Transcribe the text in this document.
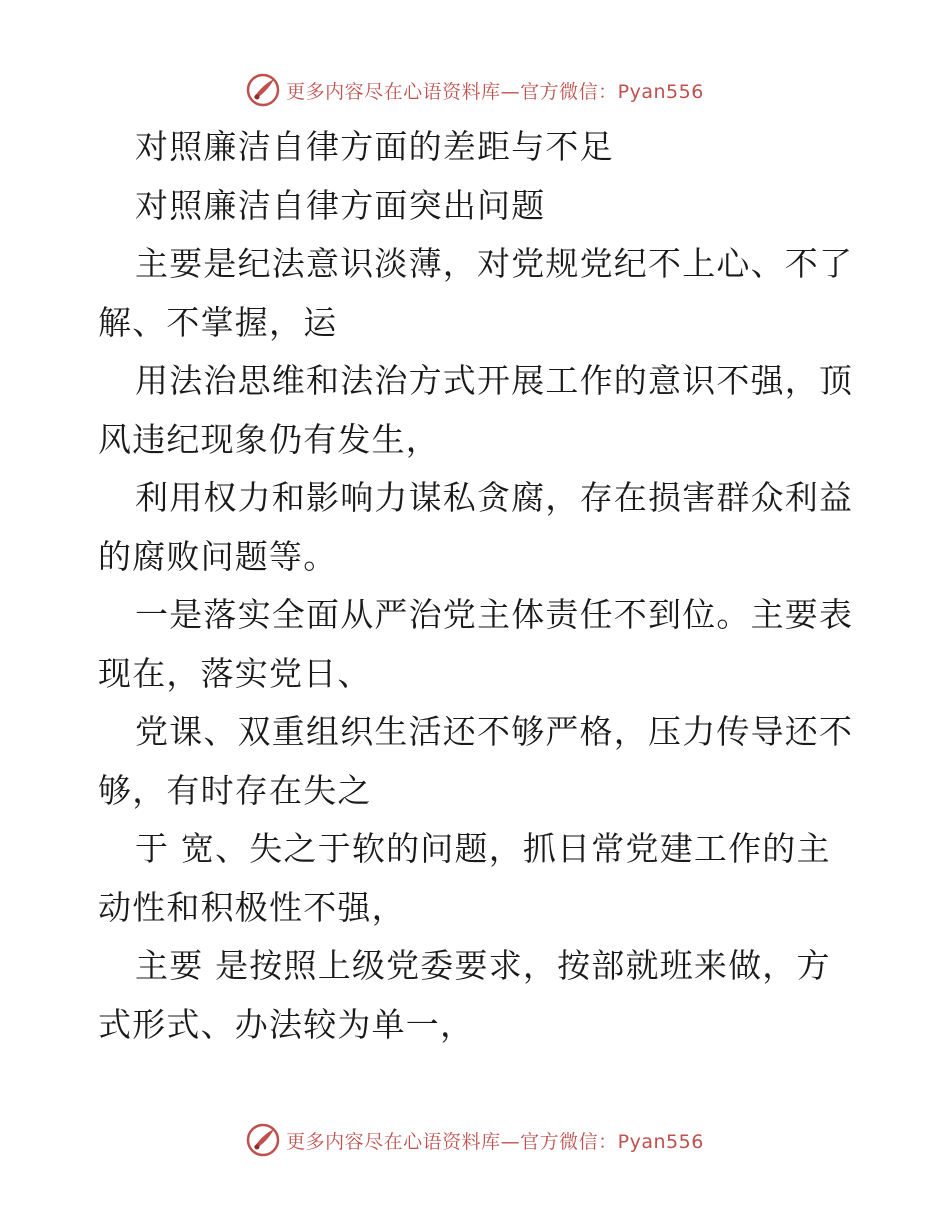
更多内容尽在心语资料库—官方微信：Pyan556
对照廉洁自律方面的差距与不足
对照廉洁自律方面突出问题
主要是纪法意识淡薄，对党规党纪不上心、不了
解、不掌握，运
用法治思维和法治方式开展工作的意识不强，顶
风违纪现象仍有发生，
利用权力和影响力谋私贪腐，存在损害群众利益
的腐败问题等。
一是落实全面从严治党主体责任不到位。主要表
现在，落实党日、
党课、双重组织生活还不够严格，压力传导还不
够，有时存在失之
于 宽、失之于软的问题，抓日常党建工作的主
动性和积极性不强，
主要 是按照上级党委要求，按部就班来做，方
式形式、办法较为单一，
更多内容尽在心语资料库—官方微信：Pyan556
